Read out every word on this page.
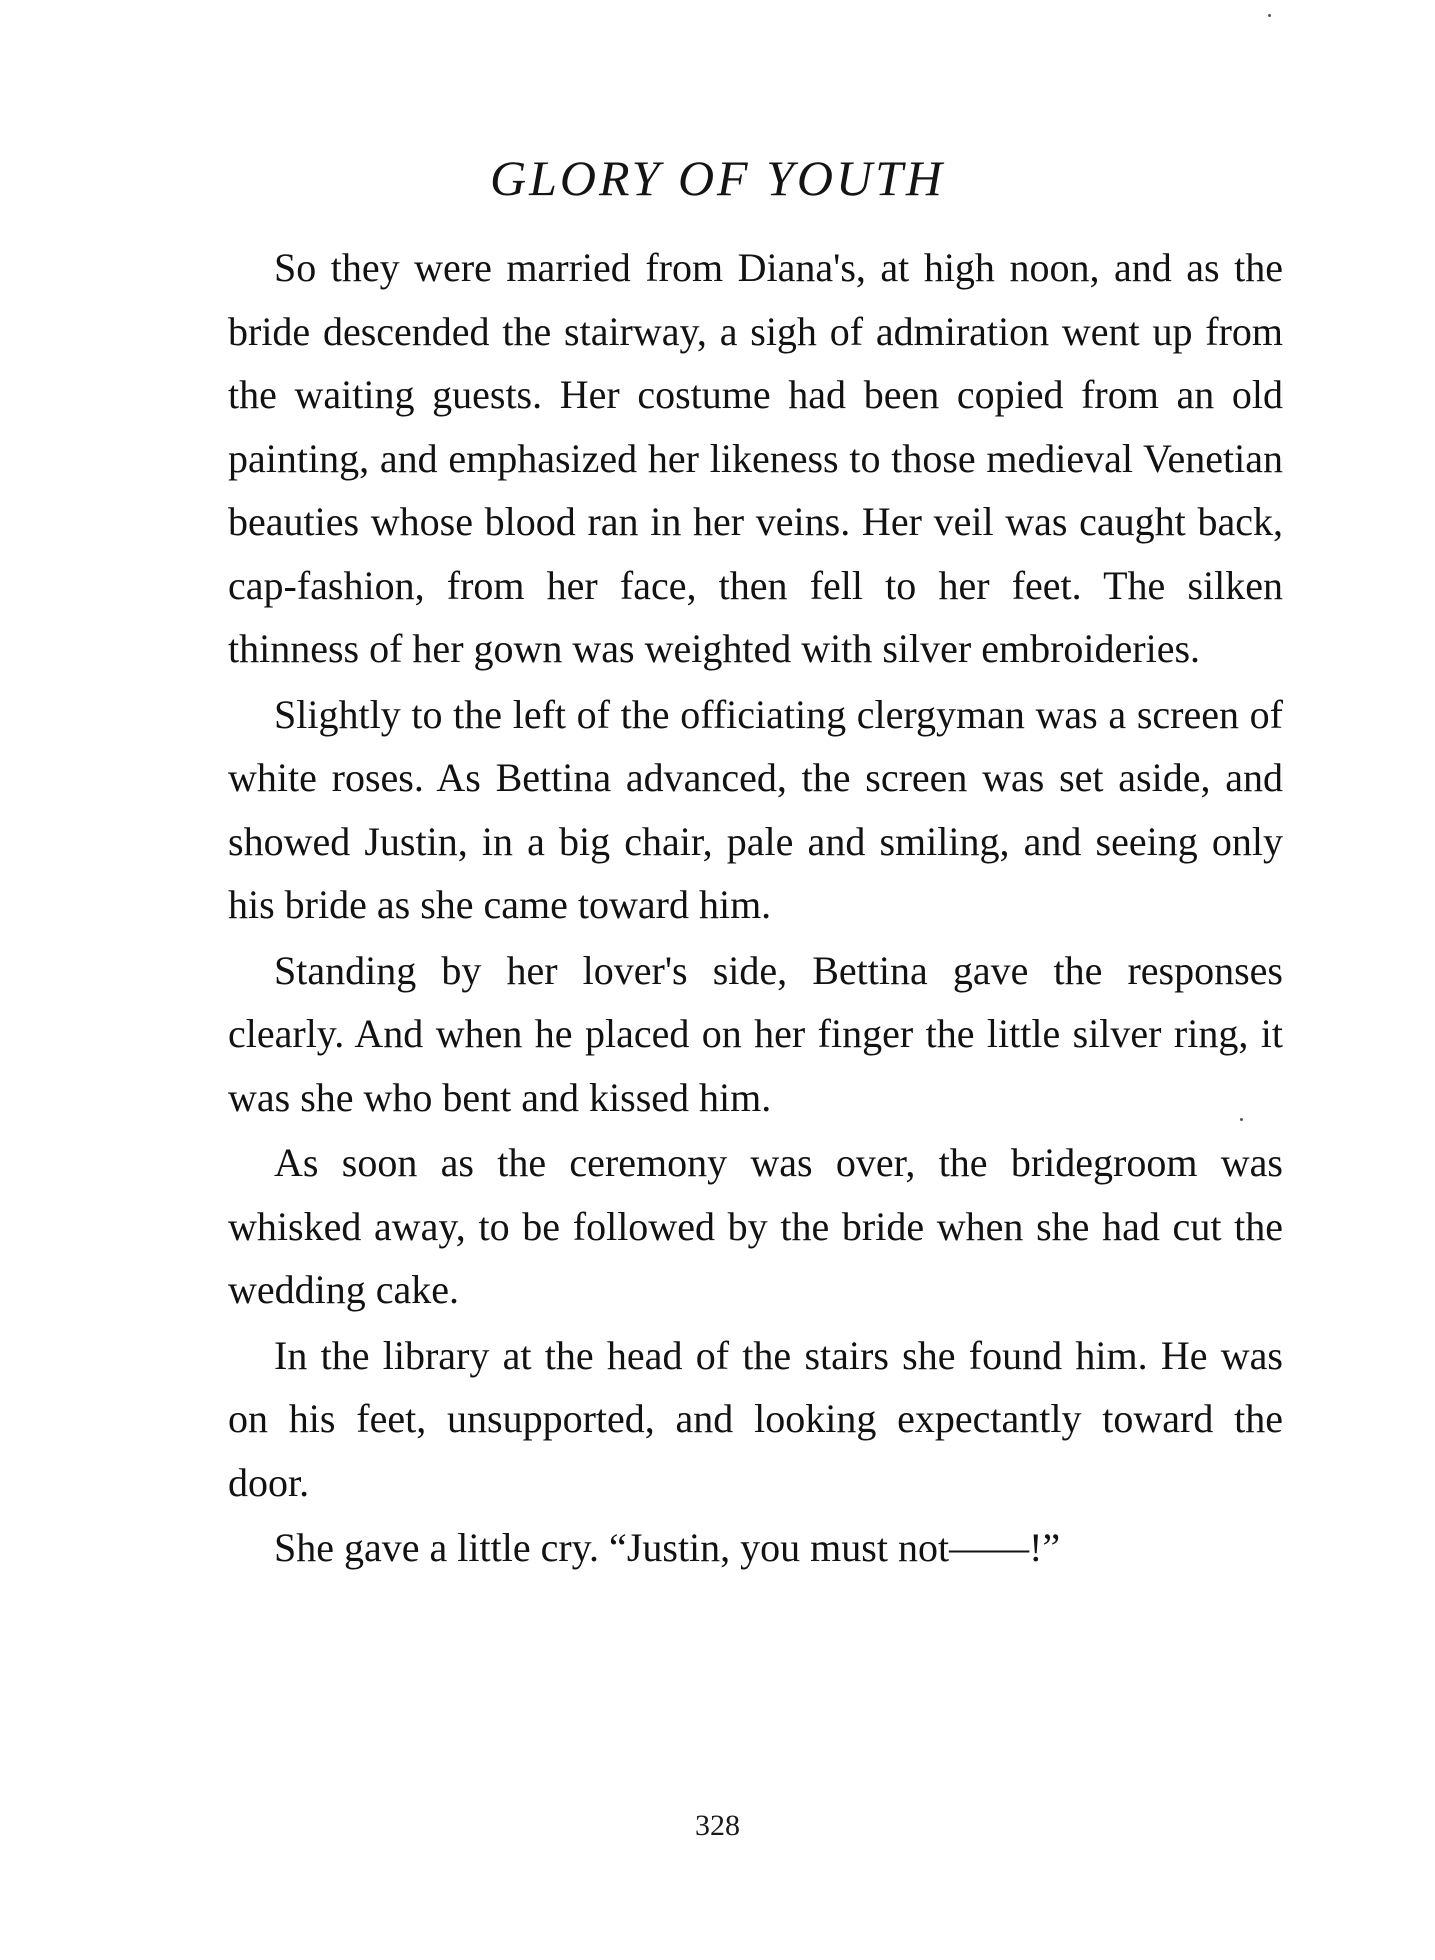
GLORY OF YOUTH

So they were married from Diana's, at high noon, and as the bride descended the stairway, a sigh of admiration went up from the waiting guests. Her costume had been copied from an old painting, and emphasized her likeness to those medieval Venetian beauties whose blood ran in her veins. Her veil was caught back, cap-fashion, from her face, then fell to her feet. The silken thinness of her gown was weighted with silver embroideries.

Slightly to the left of the officiating clergyman was a screen of white roses. As Bettina advanced, the screen was set aside, and showed Justin, in a big chair, pale and smiling, and seeing only his bride as she came toward him.

Standing by her lover's side, Bettina gave the responses clearly. And when he placed on her finger the little silver ring, it was she who bent and kissed him.

As soon as the ceremony was over, the bridegroom was whisked away, to be followed by the bride when she had cut the wedding cake.

In the library at the head of the stairs she found him. He was on his feet, unsupported, and looking expectantly toward the door.

She gave a little cry. “Justin, you must not——!”

328
